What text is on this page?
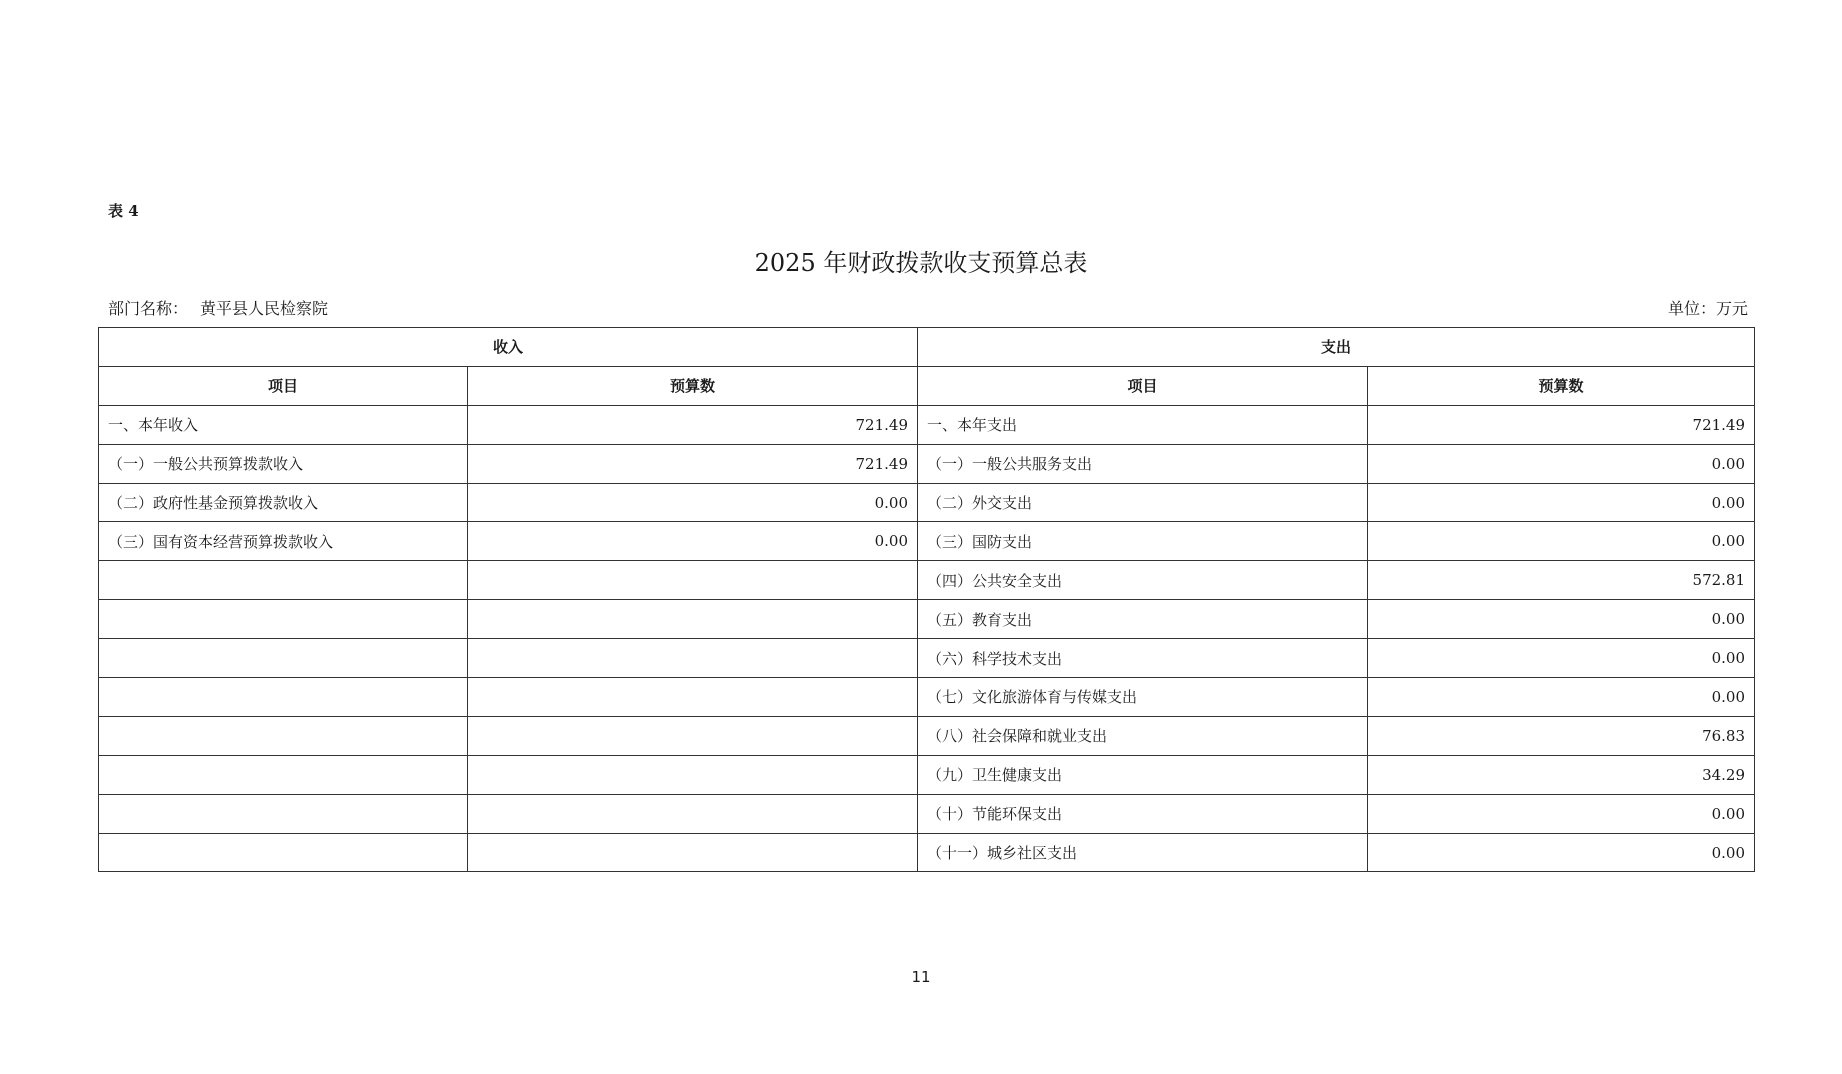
表 4
2025 年财政拨款收支预算总表
部门名称： 黄平县人民检察院	单位：万元
收入		支出	
项目	预算数	项目	预算数
一、本年收入	721.49	一、本年支出	721.49
（一）一般公共预算拨款收入	721.49	（一）一般公共服务支出	0.00
（二）政府性基金预算拨款收入	0.00	（二）外交支出	0.00
（三）国有资本经营预算拨款收入	0.00	（三）国防支出	0.00
		（四）公共安全支出	572.81
		（五）教育支出	0.00
		（六）科学技术支出	0.00
		（七）文化旅游体育与传媒支出	0.00
		（八）社会保障和就业支出	76.83
		（九）卫生健康支出	34.29
		（十）节能环保支出	0.00
		（十一）城乡社区支出	0.00
11
